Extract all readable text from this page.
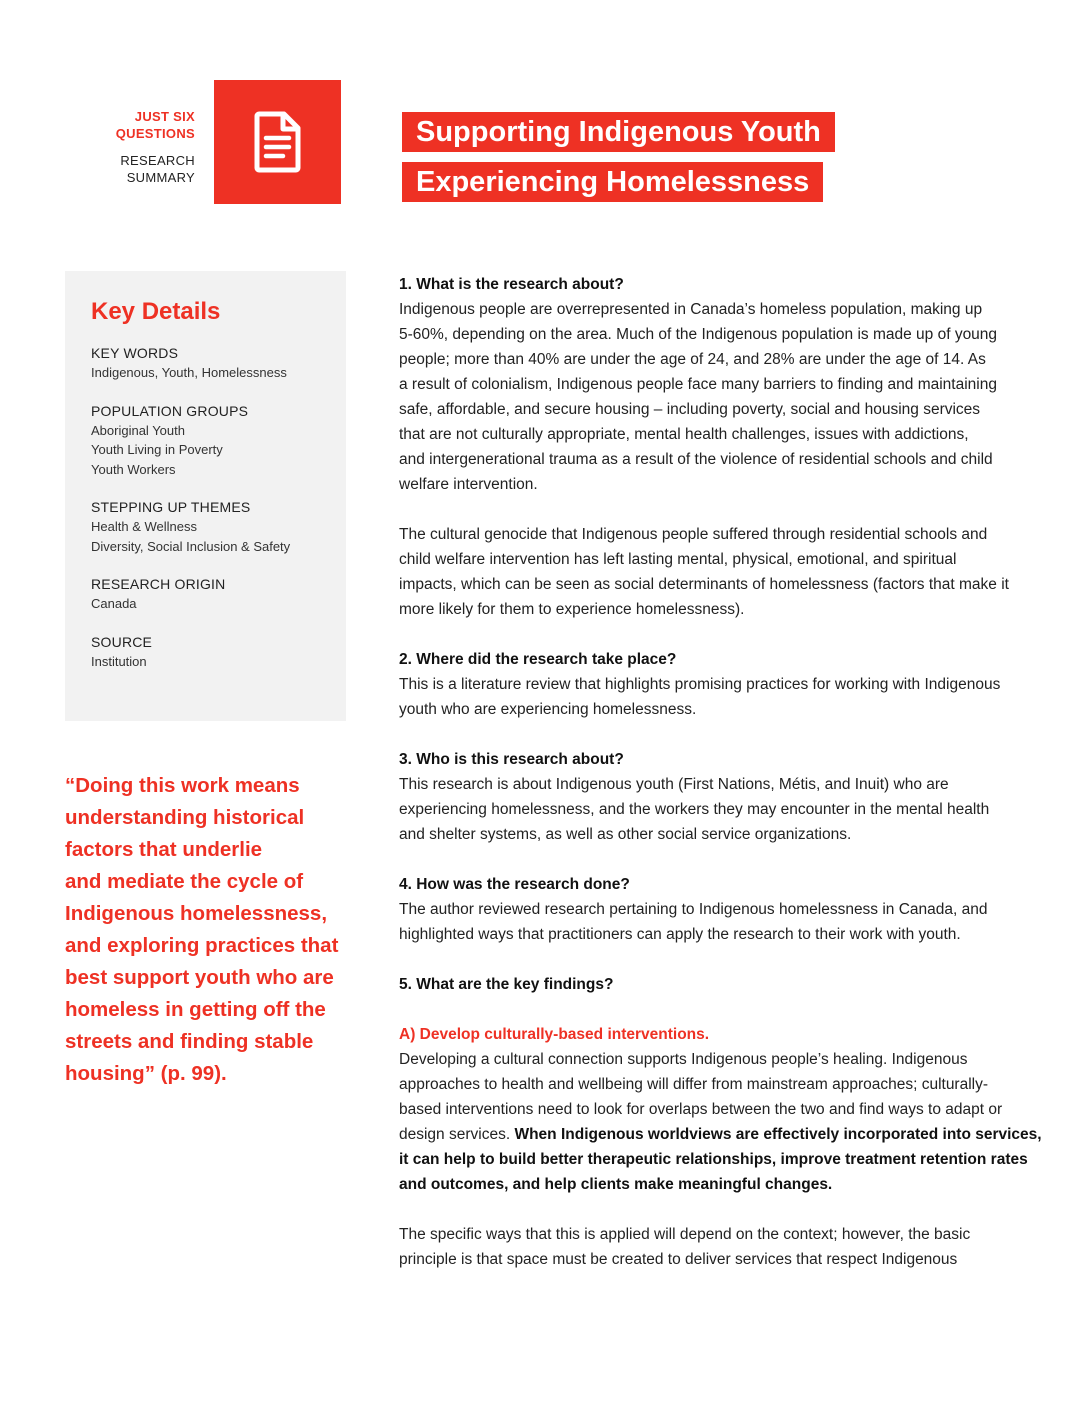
JUST SIX
QUESTIONS
RESEARCH
SUMMARY
Supporting Indigenous Youth
Experiencing Homelessness
Key Details
KEY WORDS
Indigenous, Youth, Homelessness
POPULATION GROUPS
Aboriginal Youth
Youth Living in Poverty
Youth Workers
STEPPING UP THEMES
Health & Wellness
Diversity, Social Inclusion & Safety
RESEARCH ORIGIN
Canada
SOURCE
Institution
“Doing this work means
understanding historical
factors that underlie
and mediate the cycle of
Indigenous homelessness,
and exploring practices that
best support youth who are
homeless in getting off the
streets and finding stable
housing” (p. 99).
1. What is the research about?
Indigenous people are overrepresented in Canada’s homeless population, making up
5-60%, depending on the area. Much of the Indigenous population is made up of young
people; more than 40% are under the age of 24, and 28% are under the age of 14. As
a result of colonialism, Indigenous people face many barriers to finding and maintaining
safe, affordable, and secure housing – including poverty, social and housing services
that are not culturally appropriate, mental health challenges, issues with addictions,
and intergenerational trauma as a result of the violence of residential schools and child
welfare intervention.
The cultural genocide that Indigenous people suffered through residential schools and
child welfare intervention has left lasting mental, physical, emotional, and spiritual
impacts, which can be seen as social determinants of homelessness (factors that make it
more likely for them to experience homelessness).
2. Where did the research take place?
This is a literature review that highlights promising practices for working with Indigenous
youth who are experiencing homelessness.
3. Who is this research about?
This research is about Indigenous youth (First Nations, Métis, and Inuit) who are
experiencing homelessness, and the workers they may encounter in the mental health
and shelter systems, as well as other social service organizations.
4. How was the research done?
The author reviewed research pertaining to Indigenous homelessness in Canada, and
highlighted ways that practitioners can apply the research to their work with youth.
5. What are the key findings?
A) Develop culturally-based interventions.
Developing a cultural connection supports Indigenous people’s healing. Indigenous
approaches to health and wellbeing will differ from mainstream approaches; culturally-
based interventions need to look for overlaps between the two and find ways to adapt or
design services. When Indigenous worldviews are effectively incorporated into services,
it can help to build better therapeutic relationships, improve treatment retention rates
and outcomes, and help clients make meaningful changes.
The specific ways that this is applied will depend on the context; however, the basic
principle is that space must be created to deliver services that respect Indigenous
